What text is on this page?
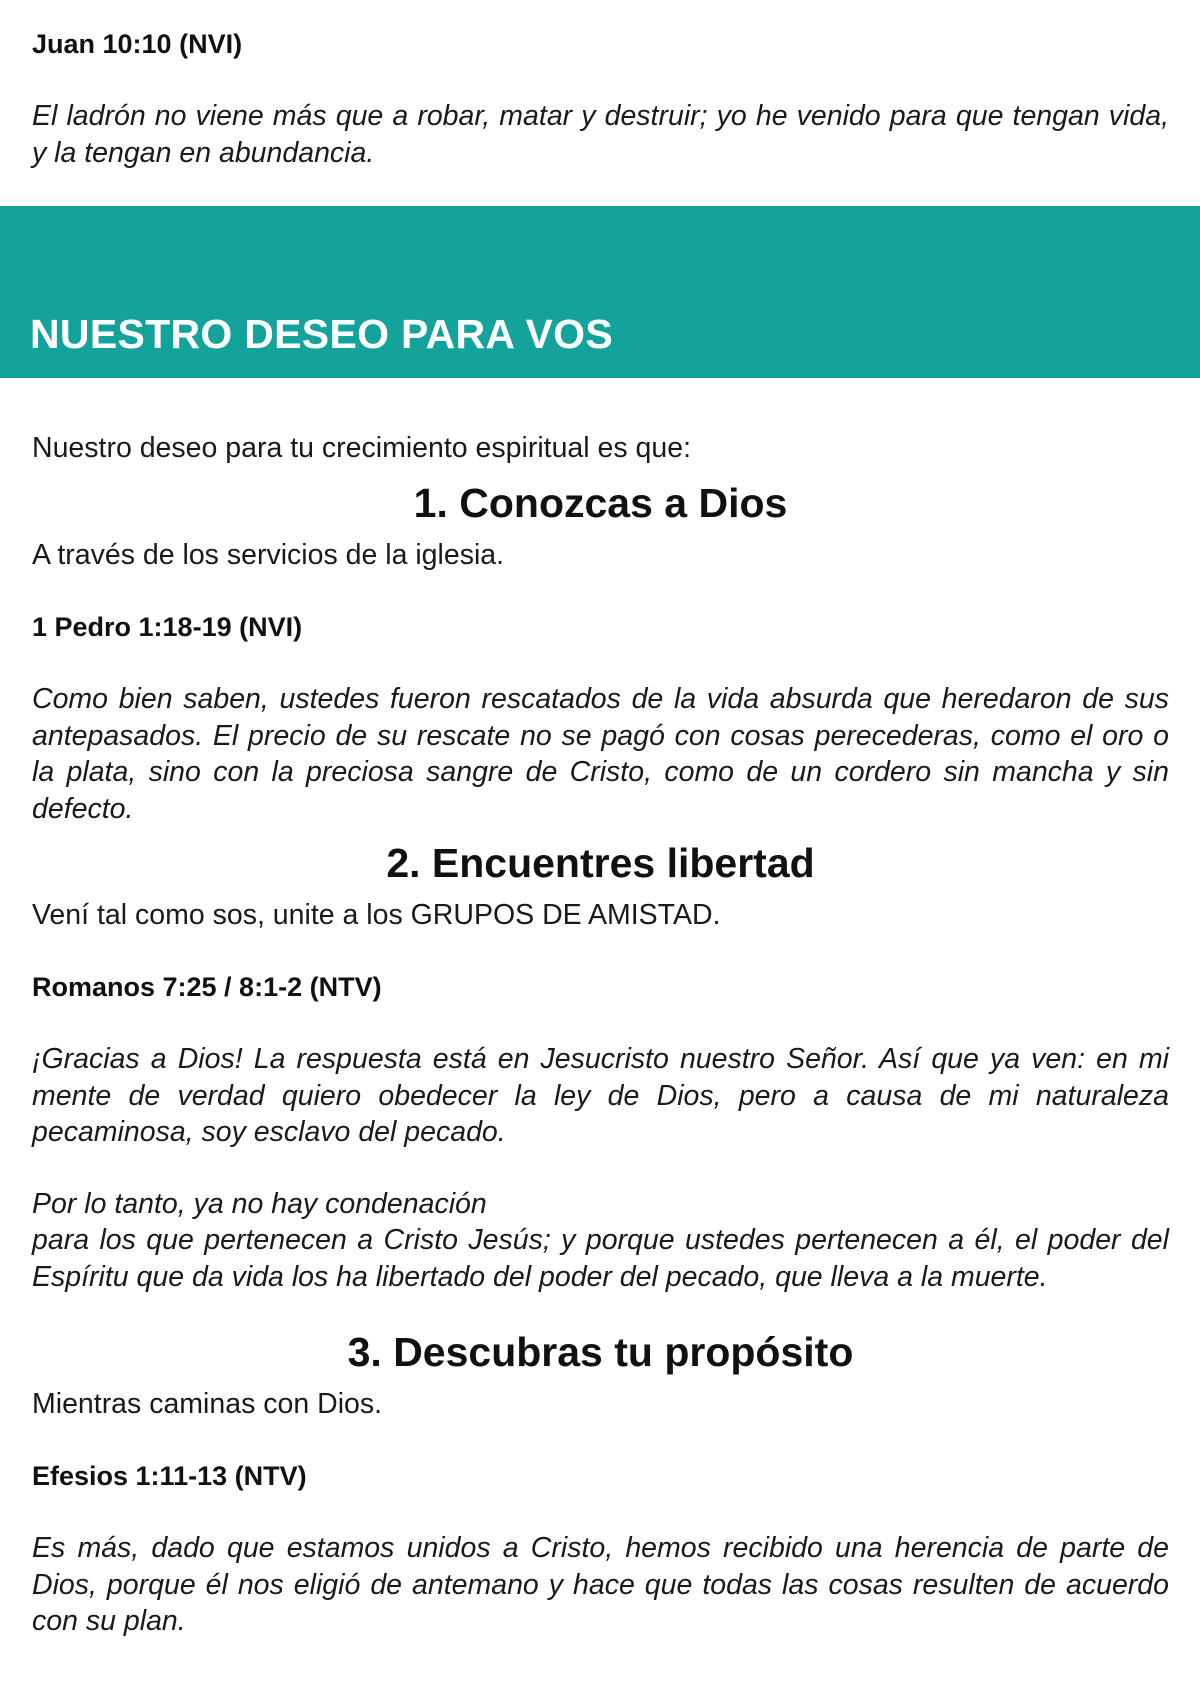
Juan 10:10 (NVI)

El ladrón no viene más que a robar, matar y destruir; yo he venido para que tengan vida, y la tengan en abundancia.

NUESTRO DESEO PARA VOS

Nuestro deseo para tu crecimiento espiritual es que:

1. Conozcas a Dios

A través de los servicios de la iglesia.

1 Pedro 1:18-19 (NVI)

Como bien saben, ustedes fueron rescatados de la vida absurda que heredaron de sus antepasados. El precio de su rescate no se pagó con cosas perecederas, como el oro o la plata, sino con la preciosa sangre de Cristo, como de un cordero sin mancha y sin defecto.

2. Encuentres libertad

Vení tal como sos, unite a los GRUPOS DE AMISTAD.

Romanos 7:25 / 8:1-2 (NTV)

¡Gracias a Dios! La respuesta está en Jesucristo nuestro Señor. Así que ya ven: en mi mente de verdad quiero obedecer la ley de Dios, pero a causa de mi naturaleza pecaminosa, soy esclavo del pecado.

Por lo tanto, ya no hay condenación

para los que pertenecen a Cristo Jesús; y porque ustedes pertenecen a él, el poder del Espíritu que da vida los ha libertado del poder del pecado, que lleva a la muerte.

3. Descubras tu propósito

Mientras caminas con Dios.

Efesios 1:11-13 (NTV)

Es más, dado que estamos unidos a Cristo, hemos recibido una herencia de parte de Dios, porque él nos eligió de antemano y hace que todas las cosas resulten de acuerdo con su plan.
